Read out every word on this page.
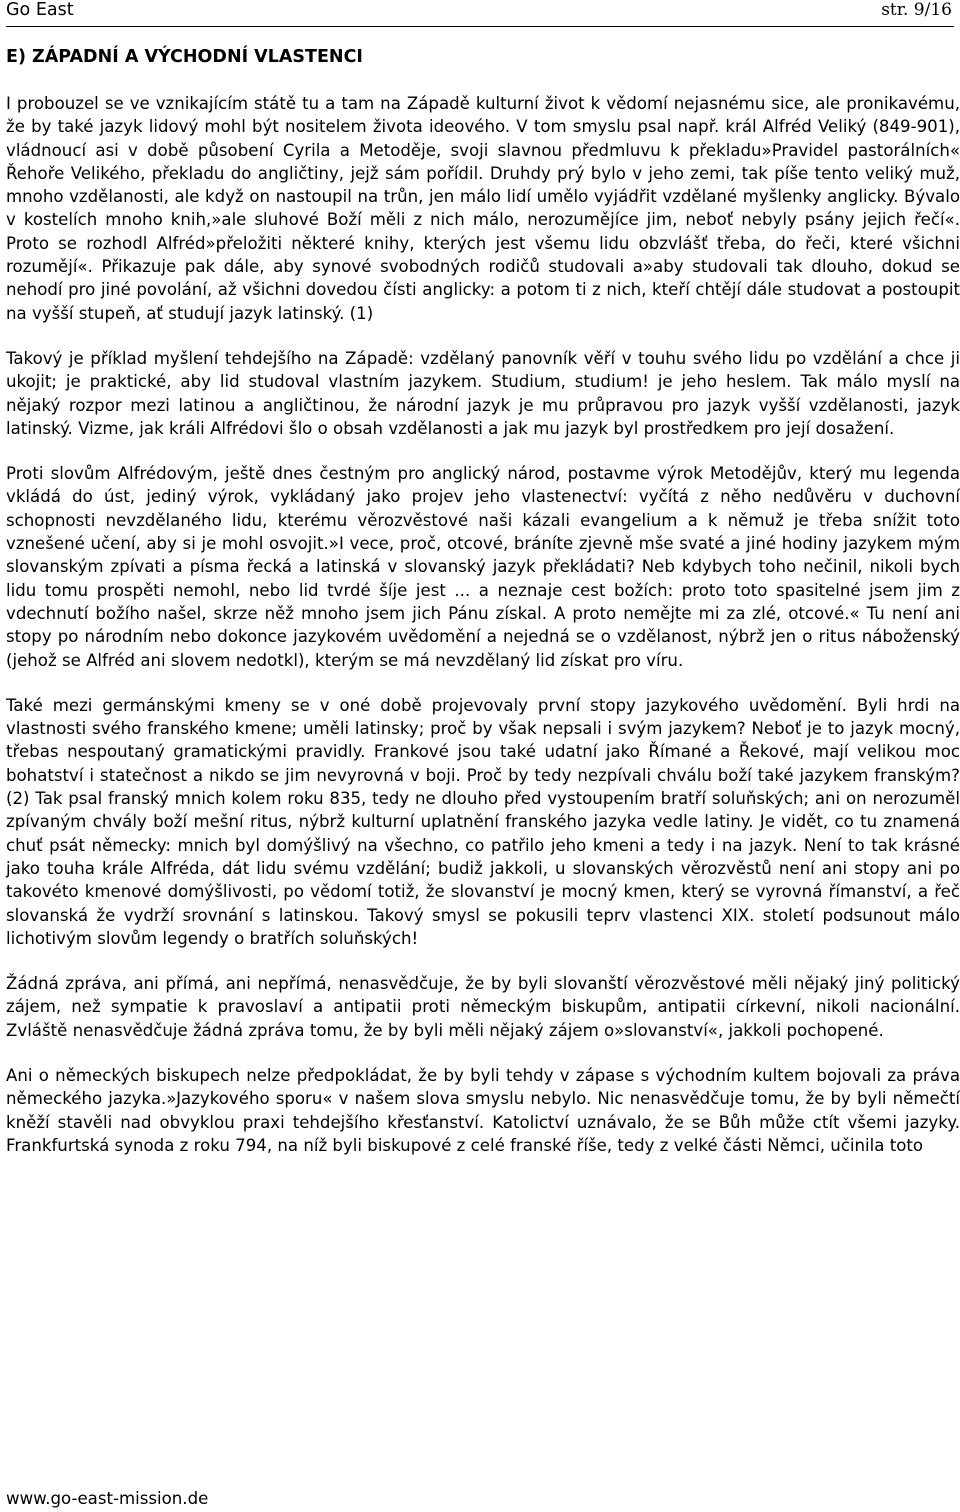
Go East	str. 9/16
E) ZÁPADNÍ A VÝCHODNÍ VLASTENCI

I probouzel se ve vznikajícím státě tu a tam na Západě kulturní život k vědomí nejasnému sice, ale pronikavému, že by také jazyk lidový mohl být nositelem života ideového. V tom smyslu psal např. král Alfréd Veliký (849-901), vládnoucí asi v době působení Cyrila a Metoděje, svoji slavnou předmluvu k překladu»Pravidel pastorálních« Řehoře Velikého, překladu do angličtiny, jejž sám pořídil. Druhdy prý bylo v jeho zemi, tak píše tento veliký muž, mnoho vzdělanosti, ale když on nastoupil na trůn, jen málo lidí umělo vyjádřit vzdělané myšlenky anglicky. Bývalo v kostelích mnoho knih,»ale sluhové Boží měli z nich málo, nerozumějíce jim, neboť nebyly psány jejich řečí«. Proto se rozhodl Alfréd»přeložiti některé knihy, kterých jest všemu lidu obzvlášť třeba, do řeči, které všichni rozumějí«. Přikazuje pak dále, aby synové svobodných rodičů studovali a»aby studovali tak dlouho, dokud se nehodí pro jiné povolání, až všichni dovedou čísti anglicky: a potom ti z nich, kteří chtějí dále studovat a postoupit na vyšší stupeň, ať studují jazyk latinský. (1)

Takový je příklad myšlení tehdejšího na Západě: vzdělaný panovník věří v touhu svého lidu po vzdělání a chce ji ukojit; je praktické, aby lid studoval vlastním jazykem. Studium, studium! je jeho heslem. Tak málo myslí na nějaký rozpor mezi latinou a angličtinou, že národní jazyk je mu průpravou pro jazyk vyšší vzdělanosti, jazyk latinský. Vizme, jak králi Alfrédovi šlo o obsah vzdělanosti a jak mu jazyk byl prostředkem pro její dosažení.

Proti slovům Alfrédovým, ještě dnes čestným pro anglický národ, postavme výrok Metodějův, který mu legenda vkládá do úst, jediný výrok, vykládaný jako projev jeho vlastenectví: vyčítá z něho nedůvěru v duchovní schopnosti nevzdělaného lidu, kterému věrozvěstové naši kázali evangelium a k němuž je třeba snížit toto vznešené učení, aby si je mohl osvojit.»I vece, proč, otcové, bráníte zjevně mše svaté a jiné hodiny jazykem mým slovanským zpívati a písma řecká a latinská v slovanský jazyk překládati? Neb kdybych toho nečinil, nikoli bych lidu tomu prospěti nemohl, nebo lid tvrdé šíje jest ... a neznaje cest božích: proto toto spasitelné jsem jim z vdechnutí božího našel, skrze něž mnoho jsem jich Pánu získal. A proto nemějte mi za zlé, otcové.« Tu není ani stopy po národním nebo dokonce jazykovém uvědomění a nejedná se o vzdělanost, nýbrž jen o ritus náboženský (jehož se Alfréd ani slovem nedotkl), kterým se má nevzdělaný lid získat pro víru.

Také mezi germánskými kmeny se v oné době projevovaly první stopy jazykového uvědomění. Byli hrdi na vlastnosti svého franského kmene; uměli latinsky; proč by však nepsali i svým jazykem? Neboť je to jazyk mocný, třebas nespoutaný gramatickými pravidly. Frankové jsou také udatní jako Římané a Řekové, mají velikou moc bohatství i statečnost a nikdo se jim nevyrovná v boji. Proč by tedy nezpívali chválu boží také jazykem franským? (2) Tak psal franský mnich kolem roku 835, tedy ne dlouho před vystoupením bratří soluňských; ani on nerozuměl zpívaným chvály boží mešní ritus, nýbrž kulturní uplatnění franského jazyka vedle latiny. Je vidět, co tu znamená chuť psát německy: mnich byl domýšlivý na všechno, co patřilo jeho kmeni a tedy i na jazyk. Není to tak krásné jako touha krále Alfréda, dát lidu svému vzdělání; budiž jakkoli, u slovanských věrozvěstů není ani stopy ani po takovéto kmenové domýšlivosti, po vědomí totiž, že slovanství je mocný kmen, který se vyrovná římanství, a řeč slovanská že vydrží srovnání s latinskou. Takový smysl se pokusili teprv vlastenci XIX. století podsunout málo lichotivým slovům legendy o bratřích soluňských!

Žádná zpráva, ani přímá, ani nepřímá, nenasvědčuje, že by byli slovanští věrozvěstové měli nějaký jiný politický zájem, než sympatie k pravoslaví a antipatii proti německým biskupům, antipatii církevní, nikoli nacionální. Zvláště nenasvědčuje žádná zpráva tomu, že by byli měli nějaký zájem o»slovanství«, jakkoli pochopené.

Ani o německých biskupech nelze předpokládat, že by byli tehdy v zápase s východním kultem bojovali za práva německého jazyka.»Jazykového sporu« v našem slova smyslu nebylo. Nic nenasvědčuje tomu, že by byli němečtí kněží stavěli nad obvyklou praxi tehdejšího křesťanství. Katolictví uznávalo, že se Bůh může ctít všemi jazyky. Frankfurtská synoda z roku 794, na níž byli biskupové z celé franské říše, tedy z velké části Němci, učinila toto

www.go-east-mission.de
